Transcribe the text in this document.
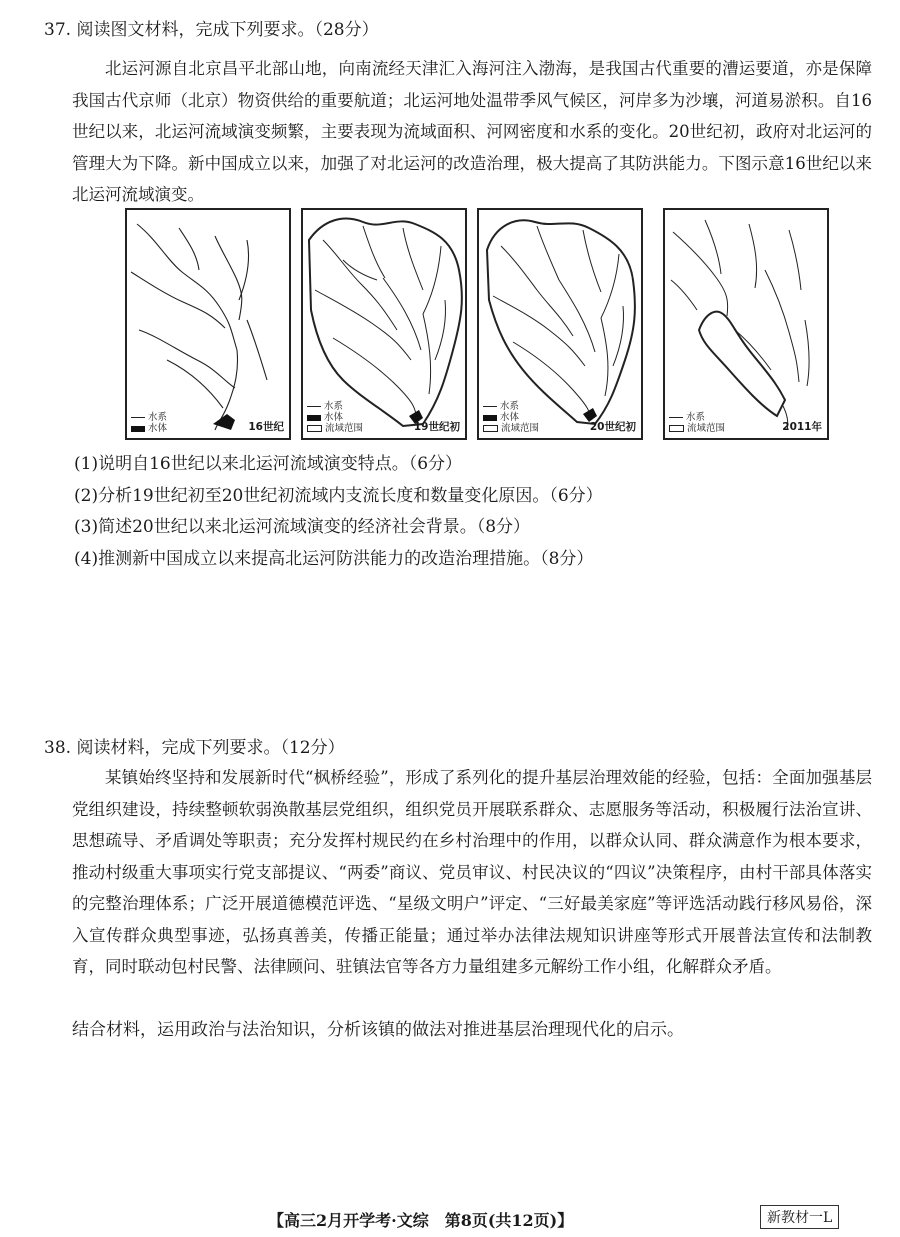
37. 阅读图文材料，完成下列要求。（28分）
北运河源自北京昌平北部山地，向南流经天津汇入海河注入渤海，是我国古代重要的漕运要道，亦是保障我国古代京师（北京）物资供给的重要航道；北运河地处温带季风气候区，河岸多为沙壤，河道易淤积。自16世纪以来，北运河流域演变频繁，主要表现为流域面积、河网密度和水系的变化。20世纪初，政府对北运河的管理大为下降。新中国成立以来，加强了对北运河的改造治理，极大提高了其防洪能力。下图示意16世纪以来北运河流域演变。
水系
水体	16世纪
水系
水体
流域范围	19世纪初
水系
水体
流域范围	20世纪初
水系
流域范围	2011年
(1)说明自16世纪以来北运河流域演变特点。（6分）
(2)分析19世纪初至20世纪初流域内支流长度和数量变化原因。（6分）
(3)简述20世纪以来北运河流域演变的经济社会背景。（8分）
(4)推测新中国成立以来提高北运河防洪能力的改造治理措施。（8分）
38. 阅读材料，完成下列要求。（12分）
某镇始终坚持和发展新时代“枫桥经验”，形成了系列化的提升基层治理效能的经验，包括：全面加强基层党组织建设，持续整顿软弱涣散基层党组织，组织党员开展联系群众、志愿服务等活动，积极履行法治宣讲、思想疏导、矛盾调处等职责；充分发挥村规民约在乡村治理中的作用，以群众认同、群众满意作为根本要求，推动村级重大事项实行党支部提议、“两委”商议、党员审议、村民决议的“四议”决策程序，由村干部具体落实的完整治理体系；广泛开展道德模范评选、“星级文明户”评定、“三好最美家庭”等评选活动践行移风易俗，深入宣传群众典型事迹，弘扬真善美，传播正能量；通过举办法律法规知识讲座等形式开展普法宣传和法制教育，同时联动包村民警、法律顾问、驻镇法官等各方力量组建多元解纷工作小组，化解群众矛盾。
结合材料，运用政治与法治知识，分析该镇的做法对推进基层治理现代化的启示。
【高三2月开学考·文综　第8页(共12页)】	新教材一L
